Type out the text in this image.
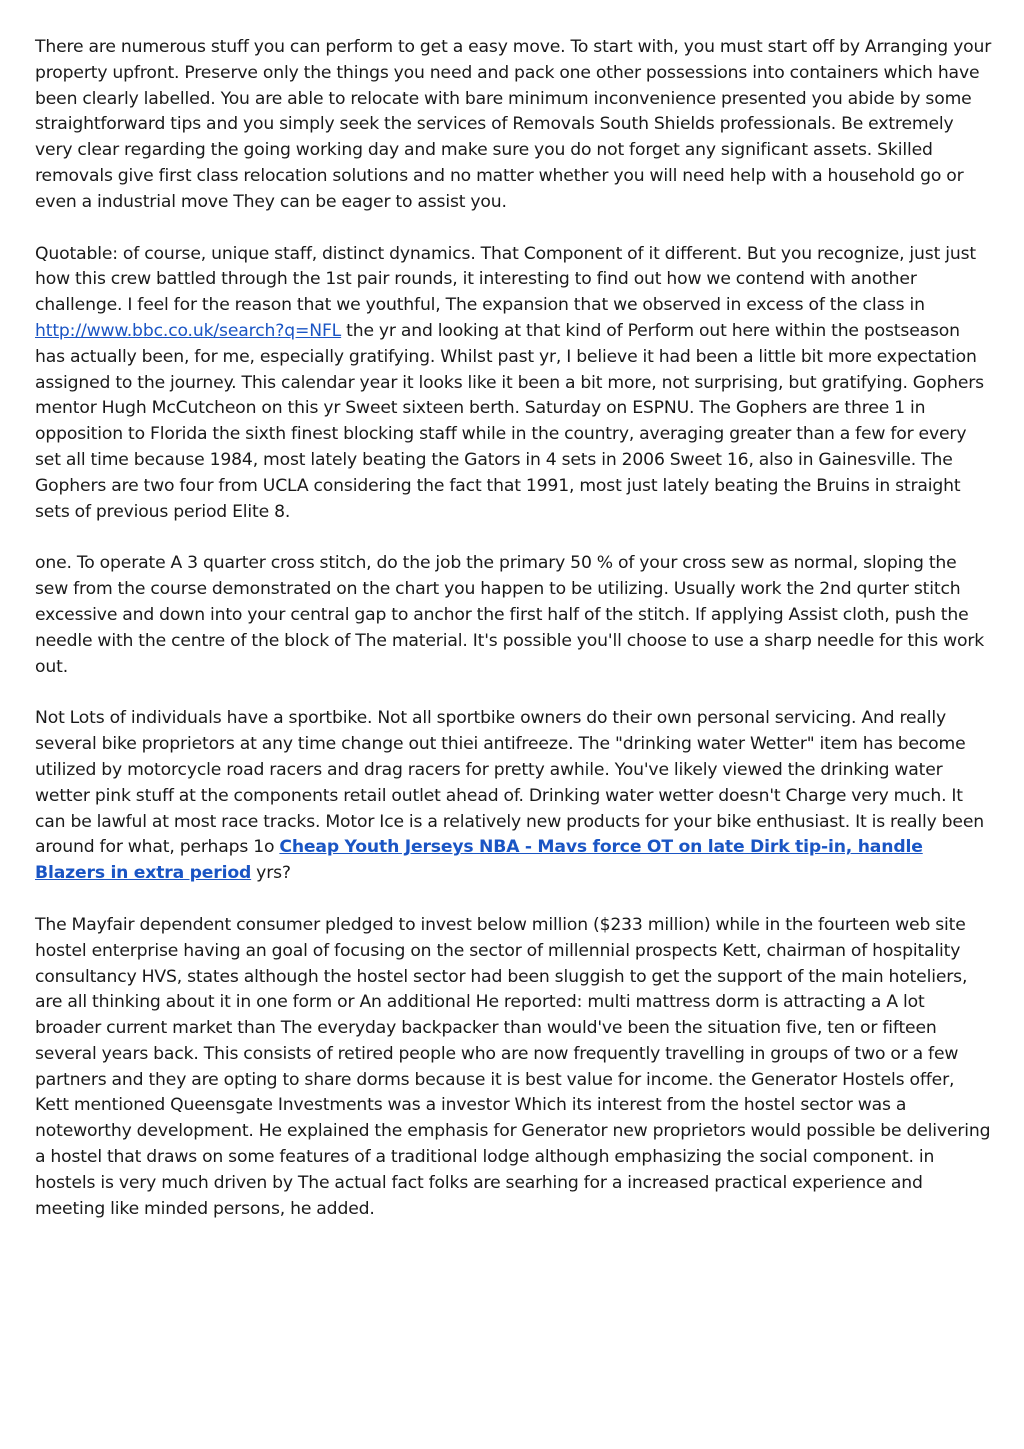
There are numerous stuff you can perform to get a easy move. To start with, you must start off by Arranging your property upfront. Preserve only the things you need and pack one other possessions into containers which have been clearly labelled. You are able to relocate with bare minimum inconvenience presented you abide by some straightforward tips and you simply seek the services of Removals South Shields professionals. Be extremely very clear regarding the going working day and make sure you do not forget any significant assets. Skilled removals give first class relocation solutions and no matter whether you will need help with a household go or even a industrial move They can be eager to assist you.

Quotable: of course, unique staff, distinct dynamics. That Component of it different. But you recognize, just just how this crew battled through the 1st pair rounds, it interesting to find out how we contend with another challenge. I feel for the reason that we youthful, The expansion that we observed in excess of the class in http://www.bbc.co.uk/search?q=NFL the yr and looking at that kind of Perform out here within the postseason has actually been, for me, especially gratifying. Whilst past yr, I believe it had been a little bit more expectation assigned to the journey. This calendar year it looks like it been a bit more, not surprising, but gratifying. Gophers mentor Hugh McCutcheon on this yr Sweet sixteen berth. Saturday on ESPNU. The Gophers are three 1 in opposition to Florida the sixth finest blocking staff while in the country, averaging greater than a few for every set all time because 1984, most lately beating the Gators in 4 sets in 2006 Sweet 16, also in Gainesville. The Gophers are two four from UCLA considering the fact that 1991, most just lately beating the Bruins in straight sets of previous period Elite 8.

one. To operate A 3 quarter cross stitch, do the job the primary 50 % of your cross sew as normal, sloping the sew from the course demonstrated on the chart you happen to be utilizing. Usually work the 2nd qurter stitch excessive and down into your central gap to anchor the first half of the stitch. If applying Assist cloth, push the needle with the centre of the block of The material. It's possible you'll choose to use a sharp needle for this work out.

Not Lots of individuals have a sportbike. Not all sportbike owners do their own personal servicing. And really several bike proprietors at any time change out thiei antifreeze. The "drinking water Wetter" item has become utilized by motorcycle road racers and drag racers for pretty awhile. You've likely viewed the drinking water wetter pink stuff at the components retail outlet ahead of. Drinking water wetter doesn't Charge very much. It can be lawful at most race tracks. Motor Ice is a relatively new products for your bike enthusiast. It is really been around for what, perhaps 1o Cheap Youth Jerseys NBA - Mavs force OT on late Dirk tip-in, handle Blazers in extra period yrs?

The Mayfair dependent consumer pledged to invest below million ($233 million) while in the fourteen web site hostel enterprise having an goal of focusing on the sector of millennial prospects Kett, chairman of hospitality consultancy HVS, states although the hostel sector had been sluggish to get the support of the main hoteliers, are all thinking about it in one form or An additional He reported: multi mattress dorm is attracting a A lot broader current market than The everyday backpacker than would've been the situation five, ten or fifteen several years back. This consists of retired people who are now frequently travelling in groups of two or a few partners and they are opting to share dorms because it is best value for income. the Generator Hostels offer, Kett mentioned Queensgate Investments was a investor Which its interest from the hostel sector was a noteworthy development. He explained the emphasis for Generator new proprietors would possible be delivering a hostel that draws on some features of a traditional lodge although emphasizing the social component. in hostels is very much driven by The actual fact folks are searhing for a increased practical experience and meeting like minded persons, he added.
